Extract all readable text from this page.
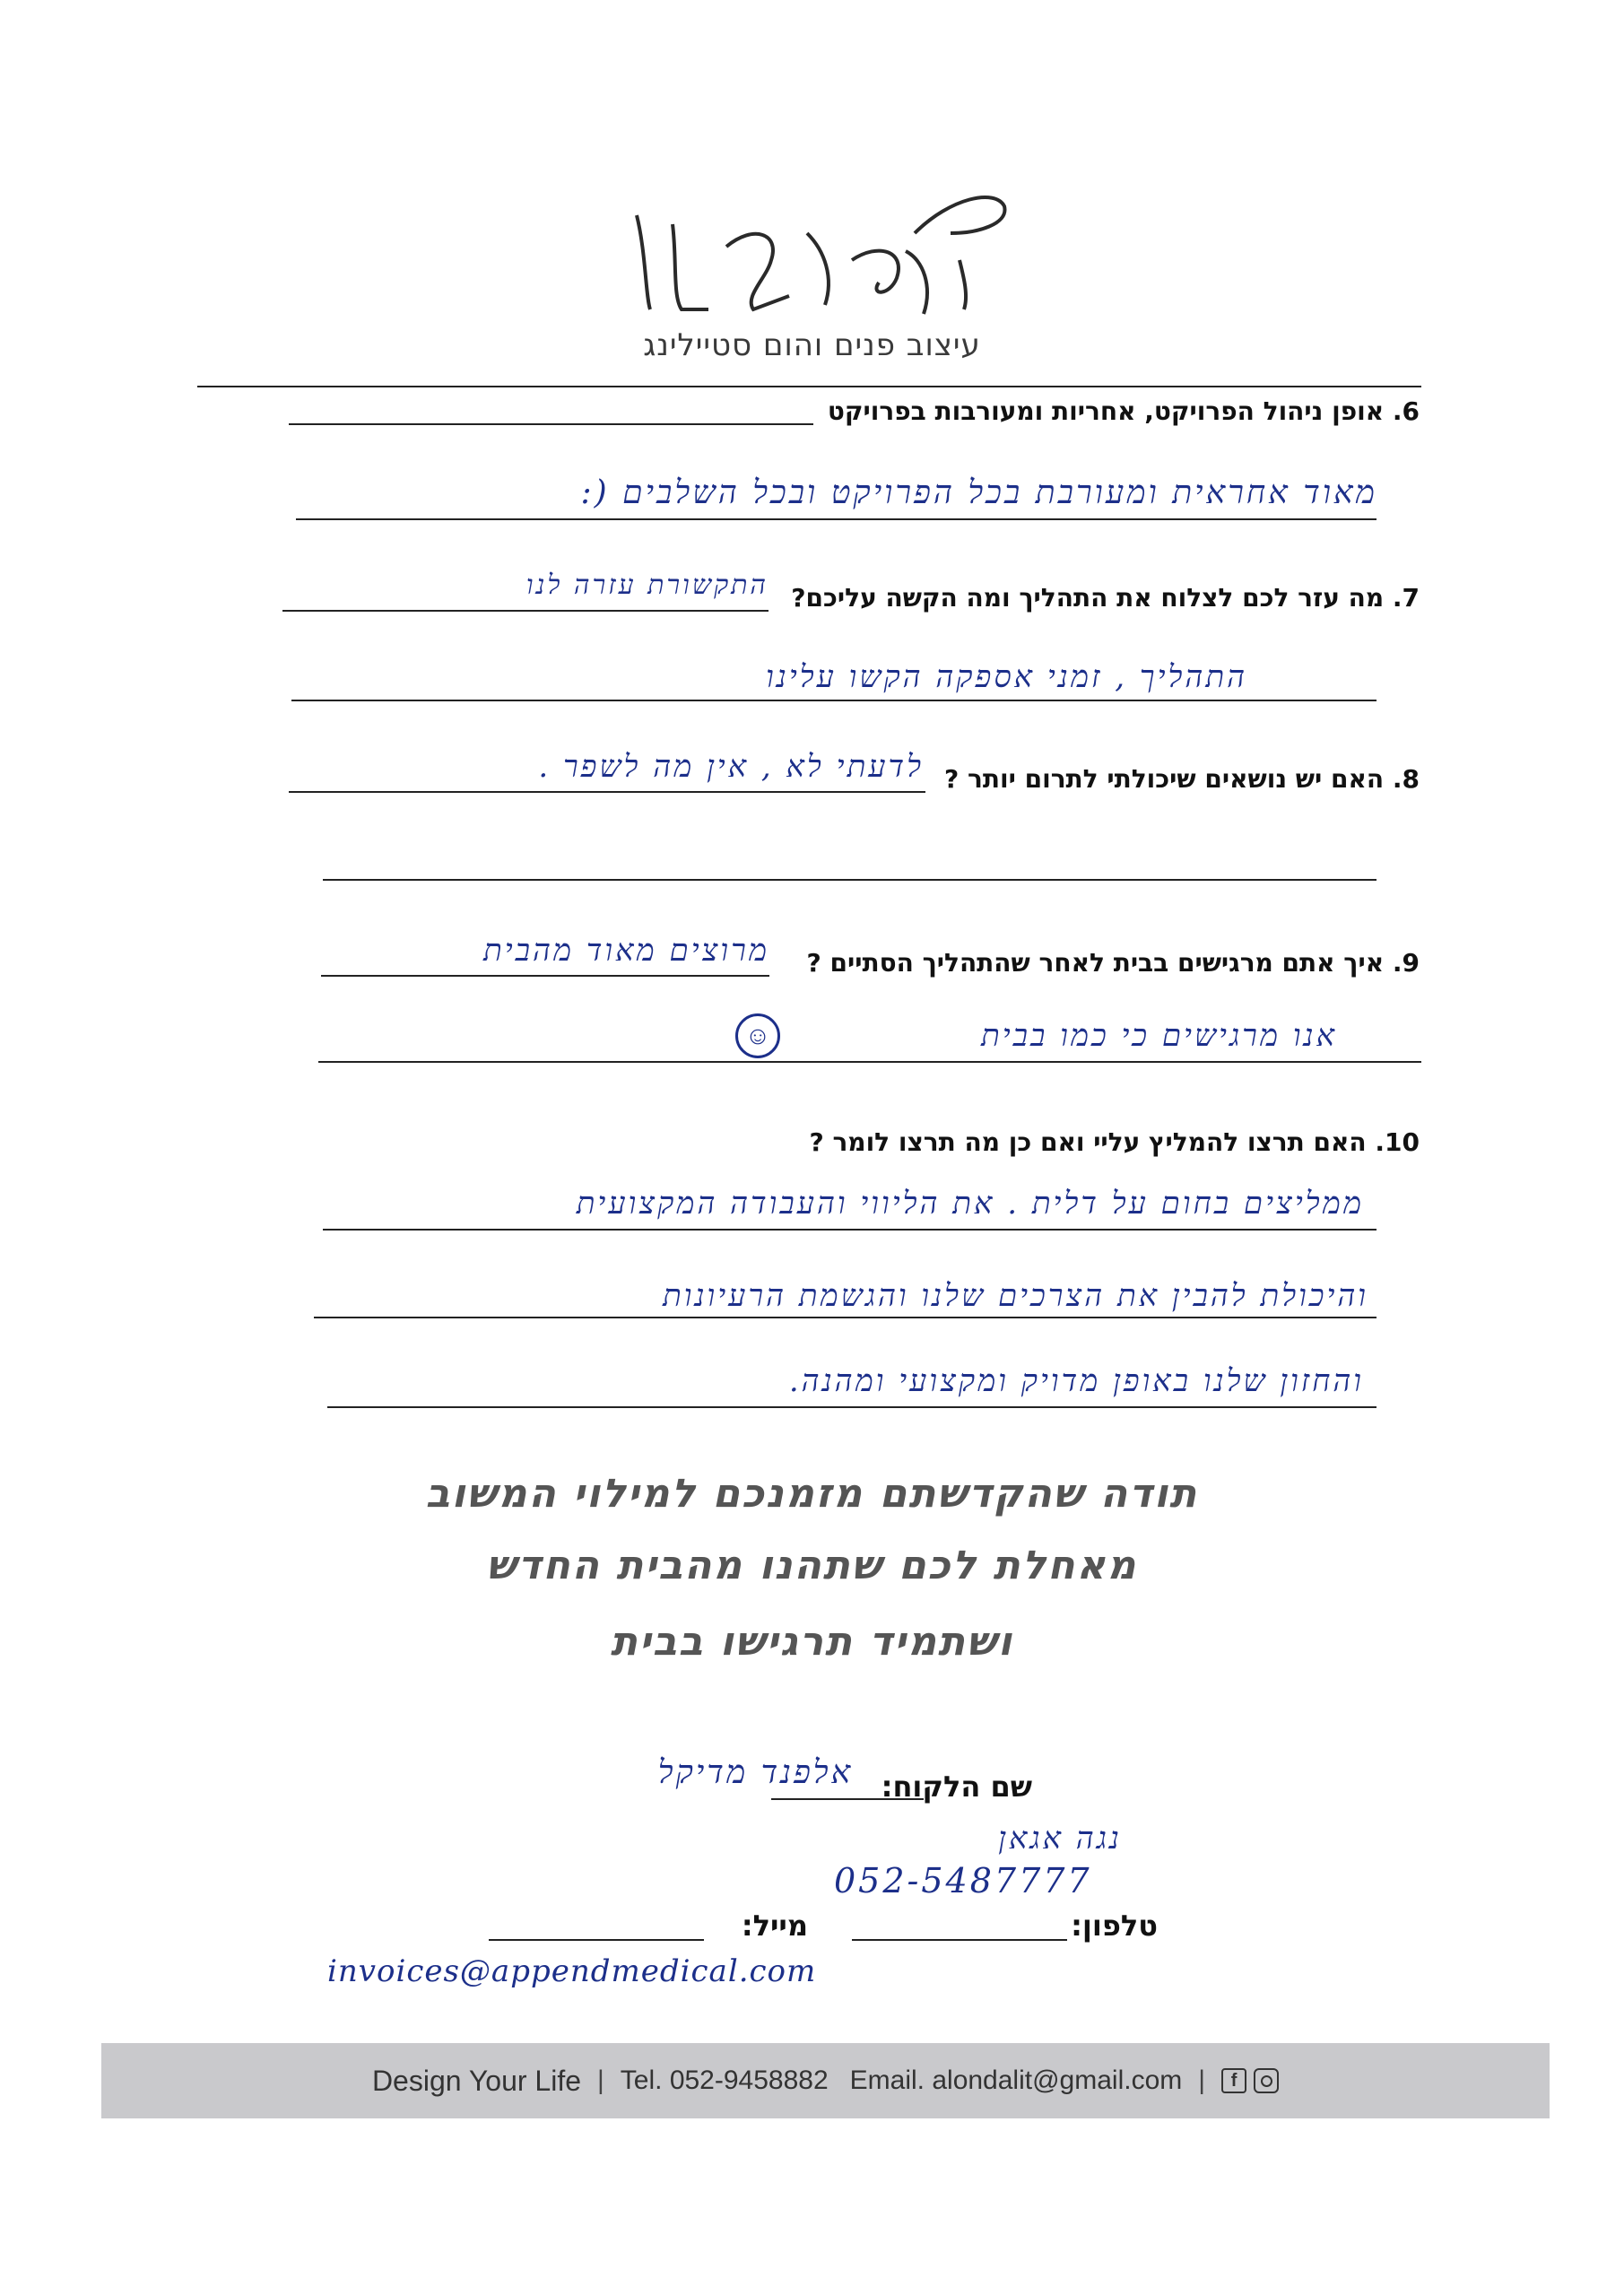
עיצוב פנים והום סטיילינג
6. אופן ניהול הפרויקט, אחריות ומעורבות בפרויקט
מאוד אחראית ומעורבת בכל הפרויקט ובכל השלבים (:
7. מה עזר לכם לצלוח את התהליך ומה הקשה עליכם?
התקשורת עזרה לנו
התהליך , זמני אספקה הקשו עלינו
8. האם יש נושאים שיכולתי לתרום יותר ?
לדעתי לא , אין מה לשפר .
9. איך אתם מרגישים בבית לאחר שהתהליך הסתיים ?
מרוצים מאוד מהבית
אנו מרגישים כי כמו בבית
☺
10. האם תרצו להמליץ עליי ואם כן מה תרצו לומר ?
ממליצים בחום על דלית . את הליווי והעבודה המקצועית
והיכולת להבין את הצרכים שלנו והגשמת הרעיונות
והחזון שלנו באופן מדויק ומקצועי ומהנה.
תודה שהקדשתם מזמנכם למילוי המשוב
מאחלת לכם שתהנו מהבית החדש
ושתמיד תרגישו בבית
שם הלקוח:
אלפנד מדיקל
נגה אגאן
052-5487777
טלפון:
מייל:
invoices@appendmedical.com
Design Your Life | Tel. 052-9458882 Email. alondalit@gmail.com |	f
